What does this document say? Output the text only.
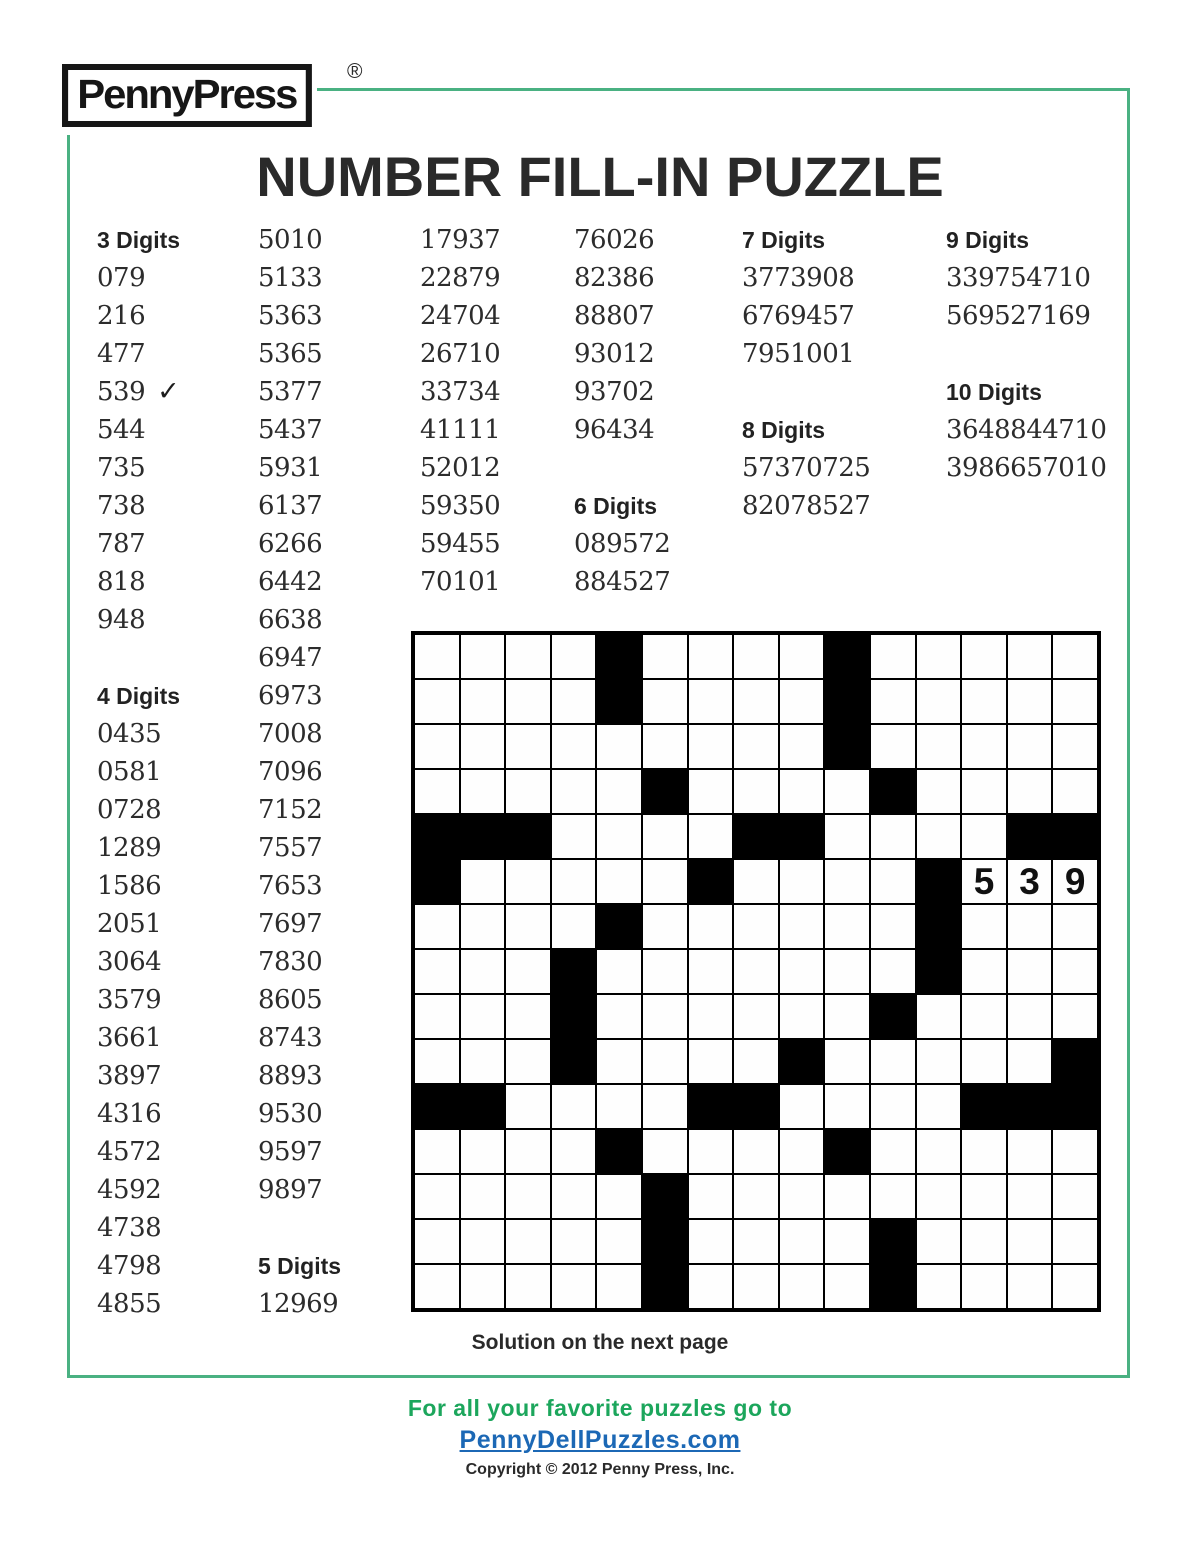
PennyPress	®
NUMBER FILL-IN PUZZLE
3 Digits
079
216
477
539 ✓
544
735
738
787
818
948
4 Digits
0435
0581
0728
1289
1586
2051
3064
3579
3661
3897
4316
4572
4592
4738
4798
4855
5010
5133
5363
5365
5377
5437
5931
6137
6266
6442
6638
6947
6973
7008
7096
7152
7557
7653
7697
7830
8605
8743
8893
9530
9597
9897
5 Digits
12969
17937
22879
24704
26710
33734
41111
52012
59350
59455
70101
76026
82386
88807
93012
93702
96434
6 Digits
089572
884527
7 Digits
3773908
6769457
7951001
8 Digits
57370725
82078527
9 Digits
339754710
569527169
10 Digits
3648844710
3986657010
5 3 9
Solution on the next page
For all your favorite puzzles go to
PennyDellPuzzles.com
Copyright © 2012 Penny Press, Inc.
